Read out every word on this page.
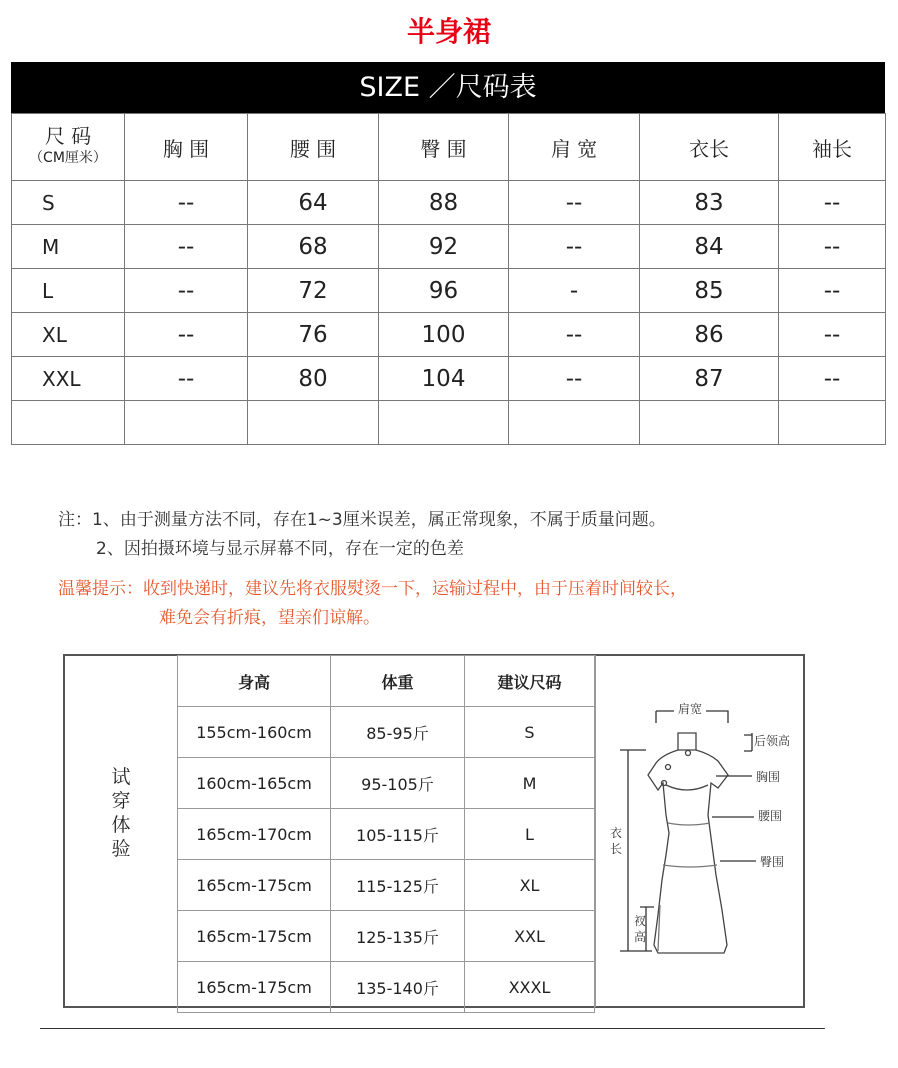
半身裙
SIZE ／尺码表
尺 码
（CM厘米）	胸 围	腰 围	臀 围	肩 宽	衣长	袖长
S	--	64	88	--	83	--
M	--	68	92	--	84	--
L	--	72	96	-	85	--
XL	--	76	100	--	86	--
XXL	--	80	104	--	87	--

注：1、由于测量方法不同，存在1~3厘米误差，属正常现象，不属于质量问题。
2、因拍摄环境与显示屏幕不同，存在一定的色差
温馨提示：收到快递时，建议先将衣服熨烫一下，运输过程中，由于压着时间较长，
难免会有折痕，望亲们谅解。
试
穿
体
验
身高	体重	建议尺码
155cm-160cm	85-95斤	S
160cm-165cm	95-105斤	M
165cm-170cm	105-115斤	L
165cm-175cm	115-125斤	XL
165cm-175cm	125-135斤	XXL
165cm-175cm	135-140斤	XXXL
肩宽
后领高
胸围
腰围
臀围
衣
长
衩
高
